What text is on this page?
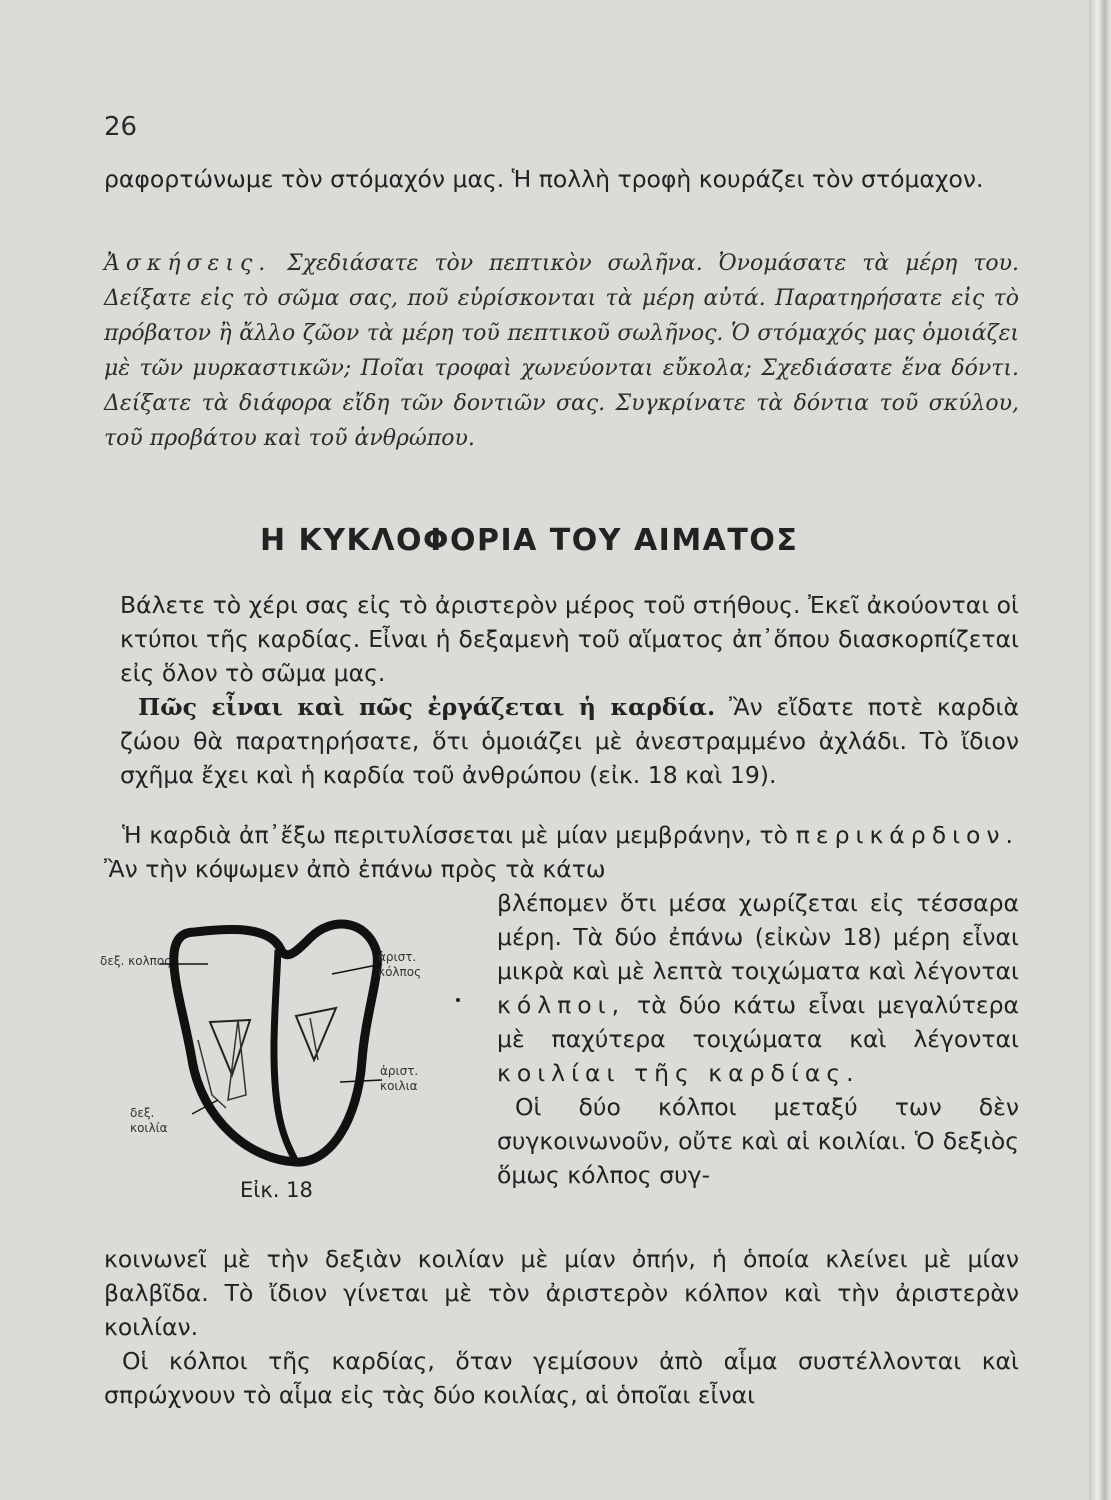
26

ραφορτώνωμε τὸν στόμαχόν μας. Ἡ πολλὴ τροφὴ κουράζει τὸν στόμαχον.

Ἀσκήσεις. Σχεδιάσατε τὸν πεπτικὸν σωλῆνα. Ὀνομάσατε τὰ μέρη του. Δείξατε εἰς τὸ σῶμα σας, ποῦ εὑρίσκονται τὰ μέρη αὐτά. Παρατηρήσατε εἰς τὸ πρόβατον ἢ ἄλλο ζῶον τὰ μέρη τοῦ πεπτικοῦ σωλῆνος. Ὁ στόμαχός μας ὁμοιάζει μὲ τῶν μυρκαστικῶν; Ποῖαι τροφαὶ χωνεύονται εὔκολα; Σχεδιάσατε ἕνα δόντι. Δείξατε τὰ διάφορα εἴδη τῶν δοντιῶν σας. Συγκρίνατε τὰ δόντια τοῦ σκύλου, τοῦ προβάτου καὶ τοῦ ἀνθρώπου.

Η ΚΥΚΛΟΦΟΡΙΑ ΤΟΥ ΑΙΜΑΤΟΣ

Βάλετε τὸ χέρι σας εἰς τὸ ἀριστερὸν μέρος τοῦ στήθους. Ἐκεῖ ἀκούονται οἱ κτύποι τῆς καρδίας. Εἶναι ἡ δεξαμενὴ τοῦ αἵματος ἀπ᾿ὅπου διασκορπίζεται εἰς ὅλον τὸ σῶμα μας.

Πῶς εἶναι καὶ πῶς ἐργάζεται ἡ καρδία. Ἂν εἴδατε ποτὲ καρδιὰ ζώου θὰ παρατηρήσατε, ὅτι ὁμοιάζει μὲ ἀνεστραμμένο ἀχλάδι. Τὸ ἴδιον σχῆμα ἔχει καὶ ἡ καρδία τοῦ ἀνθρώπου (εἰκ. 18 καὶ 19).

Ἡ καρδιὰ ἀπ᾿ἔξω περιτυλίσσεται μὲ μίαν μεμβράνην, τὸ περικάρδιον. Ἂν τὴν κόψωμεν ἀπὸ ἐπάνω πρὸς τὰ κάτω

βλέπομεν ὅτι μέσα χωρίζεται εἰς τέσσαρα μέρη. Τὰ δύο ἐπάνω (εἰκὼν 18) μέρη εἶναι μικρὰ καὶ μὲ λεπτὰ τοιχώματα καὶ λέγονται κόλποι, τὰ δύο κάτω εἶναι μεγαλύτερα μὲ παχύτερα τοιχώματα καὶ λέγονται κοιλίαι τῆς καρδίας.

Οἱ δύο κόλποι μεταξύ των δὲν συγκοινωνοῦν, οὔτε καὶ αἱ κοιλίαι. Ὁ δεξιὸς ὅμως κόλπος συγ-

κοινωνεῖ μὲ τὴν δεξιὰν κοιλίαν μὲ μίαν ὀπήν, ἡ ὁποία κλείνει μὲ μίαν βαλβῖδα. Τὸ ἴδιον γίνεται μὲ τὸν ἀριστερὸν κόλπον καὶ τὴν ἀριστερὰν κοιλίαν.

Οἱ κόλποι τῆς καρδίας, ὅταν γεμίσουν ἀπὸ αἷμα συστέλλονται καὶ σπρώχνουν τὸ αἷμα εἰς τὰς δύο κοιλίας, αἱ ὁποῖαι εἶναι

δεξ. κολπος	ἀριστ. κόλπος
ἀριστ. κοιλια
δεξ. κοιλία
Εἰκ. 18
